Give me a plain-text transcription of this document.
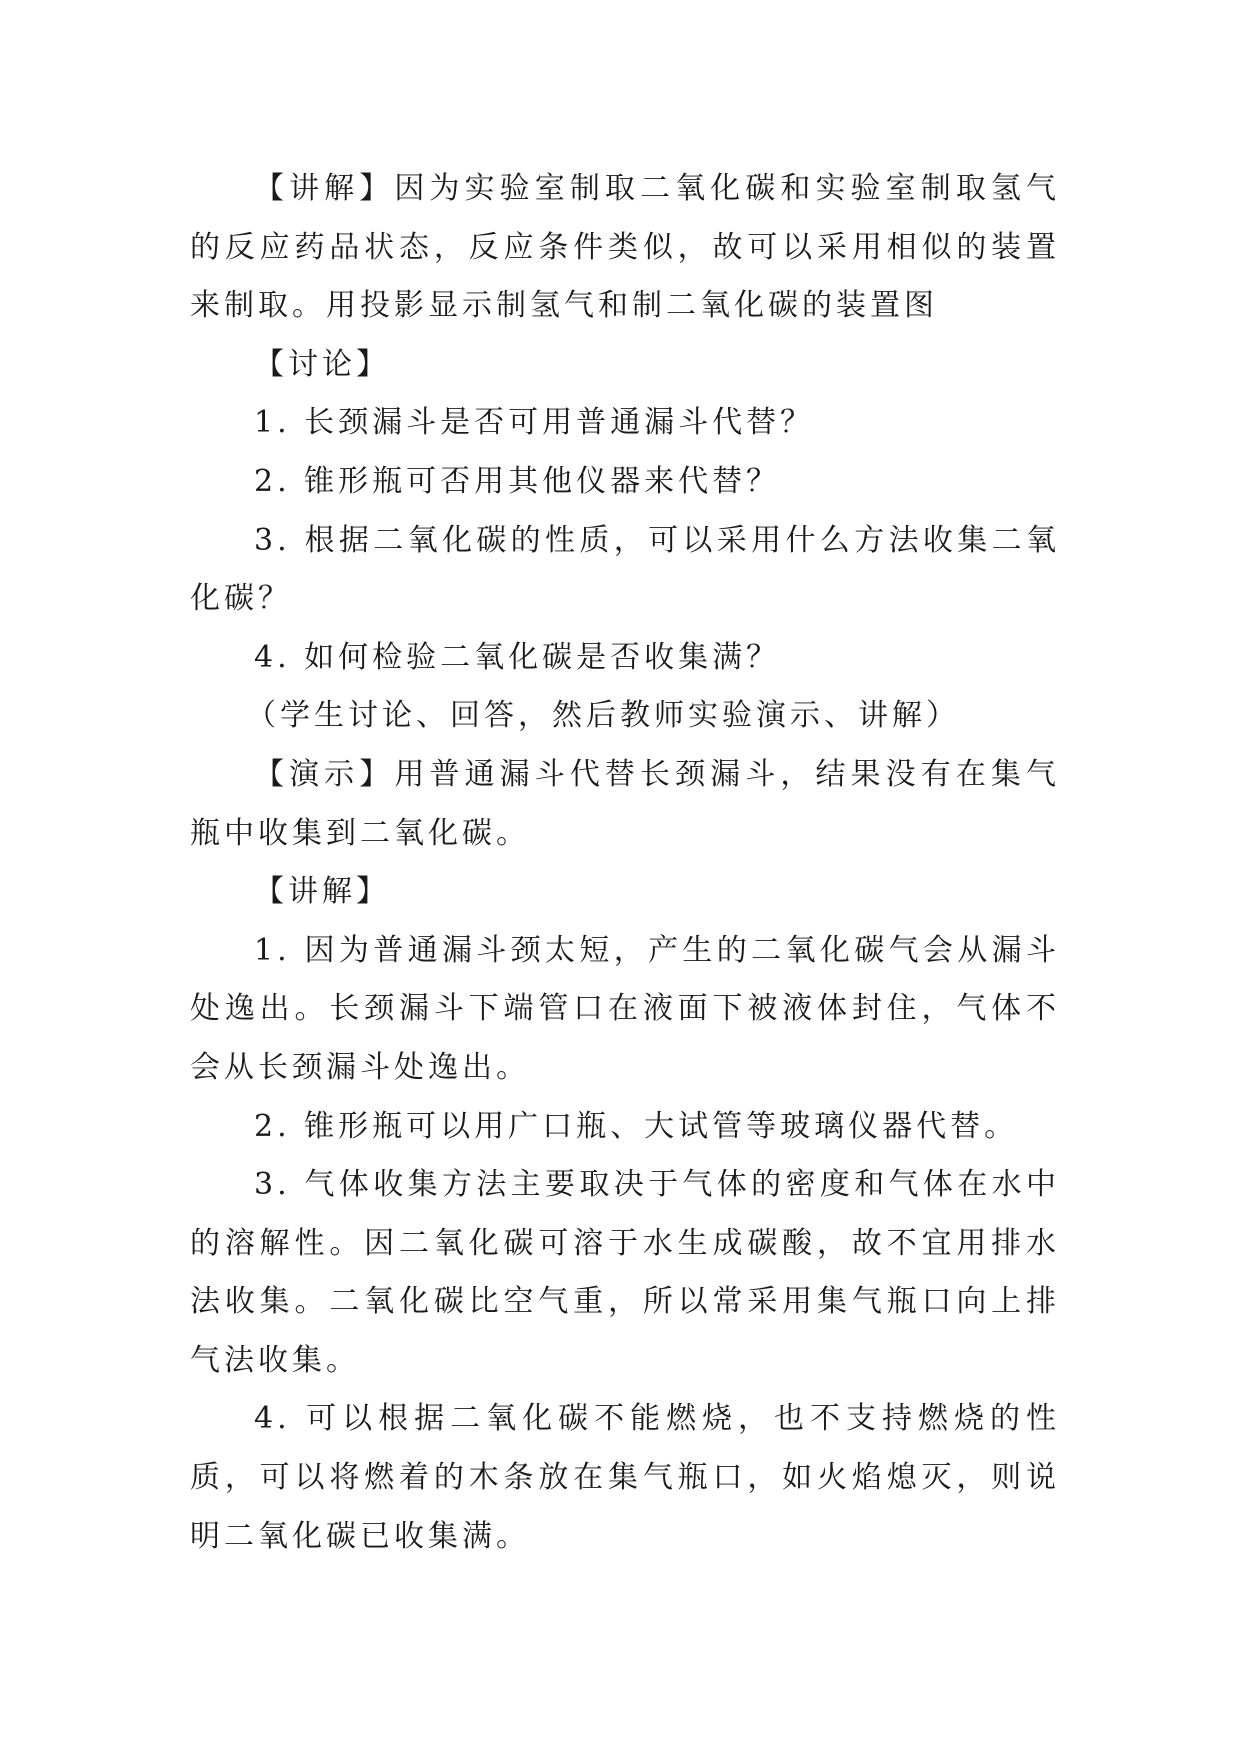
【讲解】因为实验室制取二氧化碳和实验室制取氢气的反应药品状态，反应条件类似，故可以采用相似的装置来制取。用投影显示制氢气和制二氧化碳的装置图

【讨论】

1. 长颈漏斗是否可用普通漏斗代替？

2. 锥形瓶可否用其他仪器来代替？

3. 根据二氧化碳的性质，可以采用什么方法收集二氧化碳？

4. 如何检验二氧化碳是否收集满？

（学生讨论、回答，然后教师实验演示、讲解）

【演示】用普通漏斗代替长颈漏斗，结果没有在集气瓶中收集到二氧化碳。

【讲解】

1. 因为普通漏斗颈太短，产生的二氧化碳气会从漏斗处逸出。长颈漏斗下端管口在液面下被液体封住，气体不会从长颈漏斗处逸出。

2. 锥形瓶可以用广口瓶、大试管等玻璃仪器代替。

3. 气体收集方法主要取决于气体的密度和气体在水中的溶解性。因二氧化碳可溶于水生成碳酸，故不宜用排水法收集。二氧化碳比空气重，所以常采用集气瓶口向上排气法收集。

4. 可以根据二氧化碳不能燃烧，也不支持燃烧的性质，可以将燃着的木条放在集气瓶口，如火焰熄灭，则说明二氧化碳已收集满。
